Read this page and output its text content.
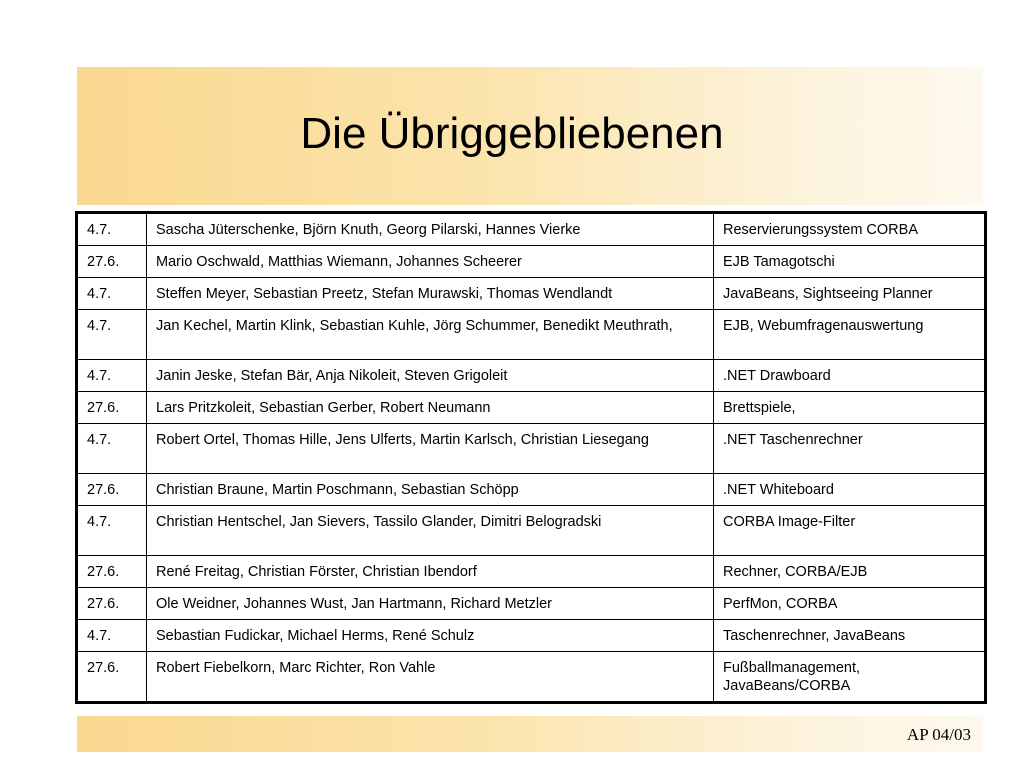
Die Übriggebliebenen
4.7.	Sascha Jüterschenke, Björn Knuth, Georg Pilarski, Hannes Vierke	Reservierungssystem CORBA
27.6.	Mario Oschwald, Matthias Wiemann, Johannes Scheerer	EJB Tamagotschi
4.7.	Steffen Meyer, Sebastian Preetz, Stefan Murawski, Thomas Wendlandt	JavaBeans, Sightseeing Planner
4.7.	Jan Kechel, Martin Klink, Sebastian Kuhle, Jörg Schummer, Benedikt Meuthrath,	EJB, Webumfragenauswertung
4.7.	Janin Jeske, Stefan Bär, Anja Nikoleit, Steven Grigoleit	.NET Drawboard
27.6.	Lars Pritzkoleit, Sebastian Gerber, Robert Neumann	Brettspiele,
4.7.	Robert Ortel, Thomas Hille, Jens Ulferts, Martin Karlsch, Christian Liesegang	.NET Taschenrechner
27.6.	Christian Braune, Martin Poschmann, Sebastian Schöpp	.NET Whiteboard
4.7.	Christian Hentschel, Jan Sievers, Tassilo Glander, Dimitri Belogradski	CORBA Image-Filter
27.6.	René Freitag, Christian Förster, Christian Ibendorf	Rechner, CORBA/EJB
27.6.	Ole Weidner, Johannes Wust, Jan Hartmann, Richard Metzler	PerfMon, CORBA
4.7.	Sebastian Fudickar, Michael Herms, René Schulz	Taschenrechner, JavaBeans
27.6.	Robert Fiebelkorn, Marc Richter, Ron Vahle	Fußballmanagement, JavaBeans/CORBA
AP 04/03
